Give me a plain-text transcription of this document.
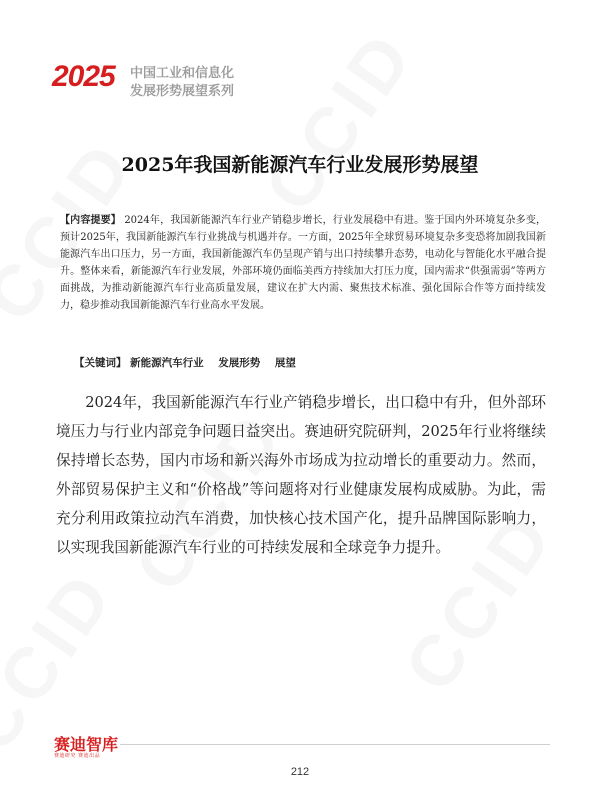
2025 中国工业和信息化
发展形势展望系列
2025年我国新能源汽车行业发展形势展望
【内容提要】 2024年，我国新能源汽车行业产销稳步增长，行业发展稳中有进。鉴于国内外环境复杂多变，预计2025年，我国新能源汽车行业挑战与机遇并存。一方面，2025年全球贸易环境复杂多变恐将加剧我国新能源汽车出口压力，另一方面，我国新能源汽车仍呈现产销与出口持续攀升态势，电动化与智能化水平融合提升。整体来看，新能源汽车行业发展，外部环境仍面临美西方持续加大打压力度，国内需求“供强需弱”等两方面挑战，为推动新能源汽车行业高质量发展，建议在扩大内需、聚焦技术标准、强化国际合作等方面持续发力，稳步推动我国新能源汽车行业高水平发展。
【关键词】 新能源汽车行业    发展形势    展望
2024年，我国新能源汽车行业产销稳步增长，出口稳中有升，但外部环境压力与行业内部竞争问题日益突出。赛迪研究院研判，2025年行业将继续保持增长态势，国内市场和新兴海外市场成为拉动增长的重要动力。然而，外部贸易保护主义和“价格战”等问题将对行业健康发展构成威胁。为此，需充分利用政策拉动汽车消费，加快核心技术国产化，提升品牌国际影响力，以实现我国新能源汽车行业的可持续发展和全球竞争力提升。
赛迪智库
赛迪研究 赛迪出品
212
